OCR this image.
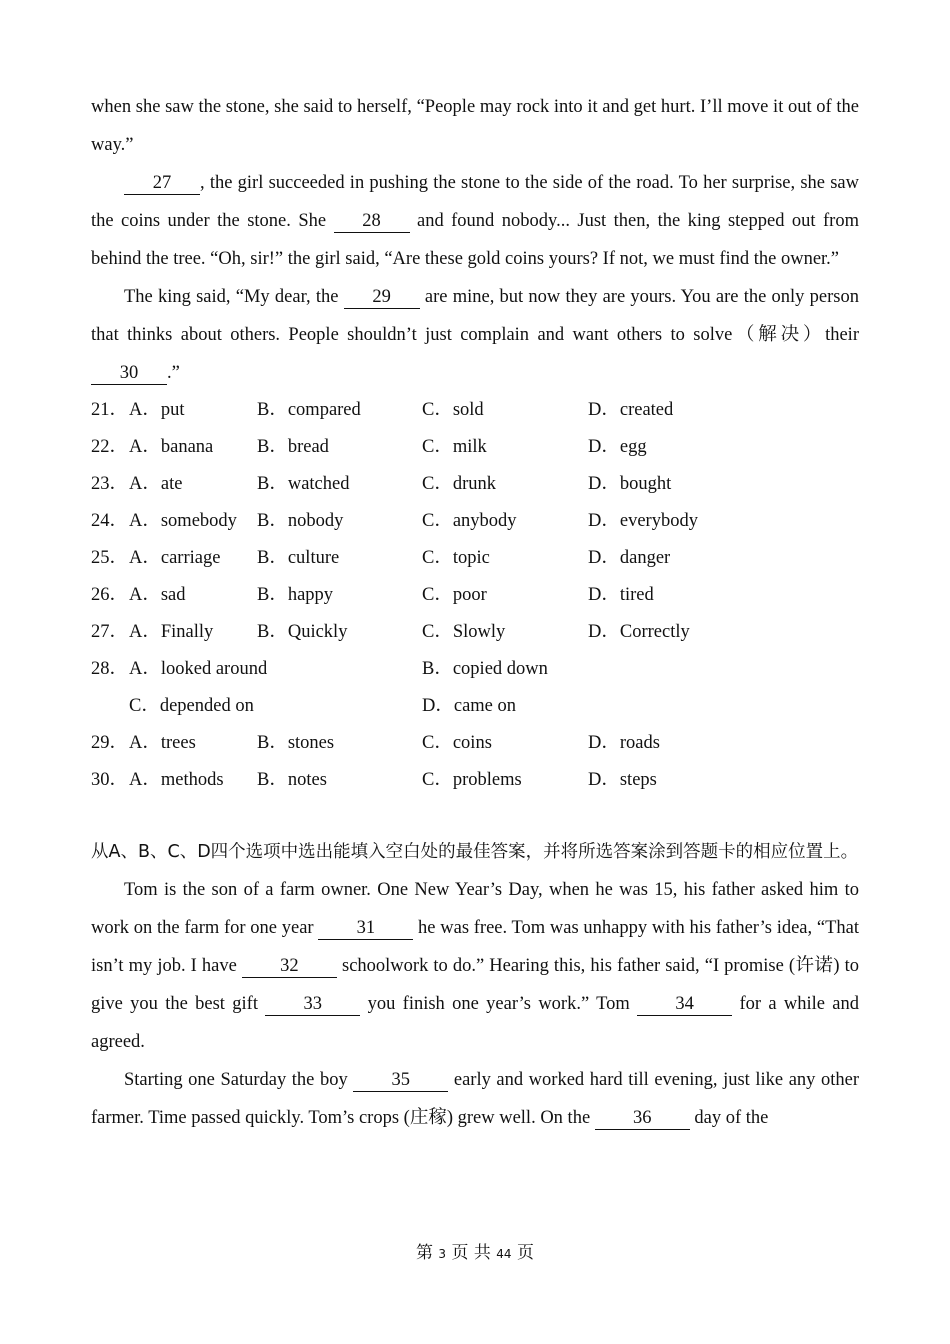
when she saw the stone, she said to herself, “People may rock into it and get hurt. I’ll move it out of the way.”

27 , the girl succeeded in pushing the stone to the side of the road. To her surprise, she saw the coins under the stone. She 28 and found nobody... Just then, the king stepped out from behind the tree. “Oh, sir!” the girl said, “Are these gold coins yours? If not, we must find the owner.”

The king said, “My dear, the 29 are mine, but now they are yours. You are the only person that thinks about others. People shouldn’t just complain and want others to solve（解决）their 30 .”

21． A．put	B．compared	C．sold	D．created
22． A．banana B．bread	C．milk	D．egg
23． A．ate	B．watched	C．drunk	D．bought
24． A．somebody B．nobody	C．anybody	D．everybody
25． A．carriage B．culture	C．topic	D．danger
26． A．sad	B．happy	C．poor	D．tired
27． A．Finally B．Quickly	C．Slowly	D．Correctly
28． A．looked around	B．copied down
C．depended on	D．came on
29． A．trees	B．stones	C．coins	D．roads
30． A．methods B．notes	C．problems	D．steps

从A、B、C、D四个选项中选出能填入空白处的最佳答案，并将所选答案涂到答题卡的相应位置上。

Tom is the son of a farm owner. One New Year’s Day, when he was 15, his father asked him to work on the farm for one year 31 he was free. Tom was unhappy with his father’s idea, “That isn’t my job. I have 32 schoolwork to do.” Hearing this, his father said, “I promise (许诺) to give you the best gift 33 you finish one year’s work.” Tom 34 for a while and agreed.

Starting one Saturday the boy 35 early and worked hard till evening, just like any other farmer. Time passed quickly. Tom’s crops (庄稼) grew well. On the 36 day of the

第 3 页 共 44 页
